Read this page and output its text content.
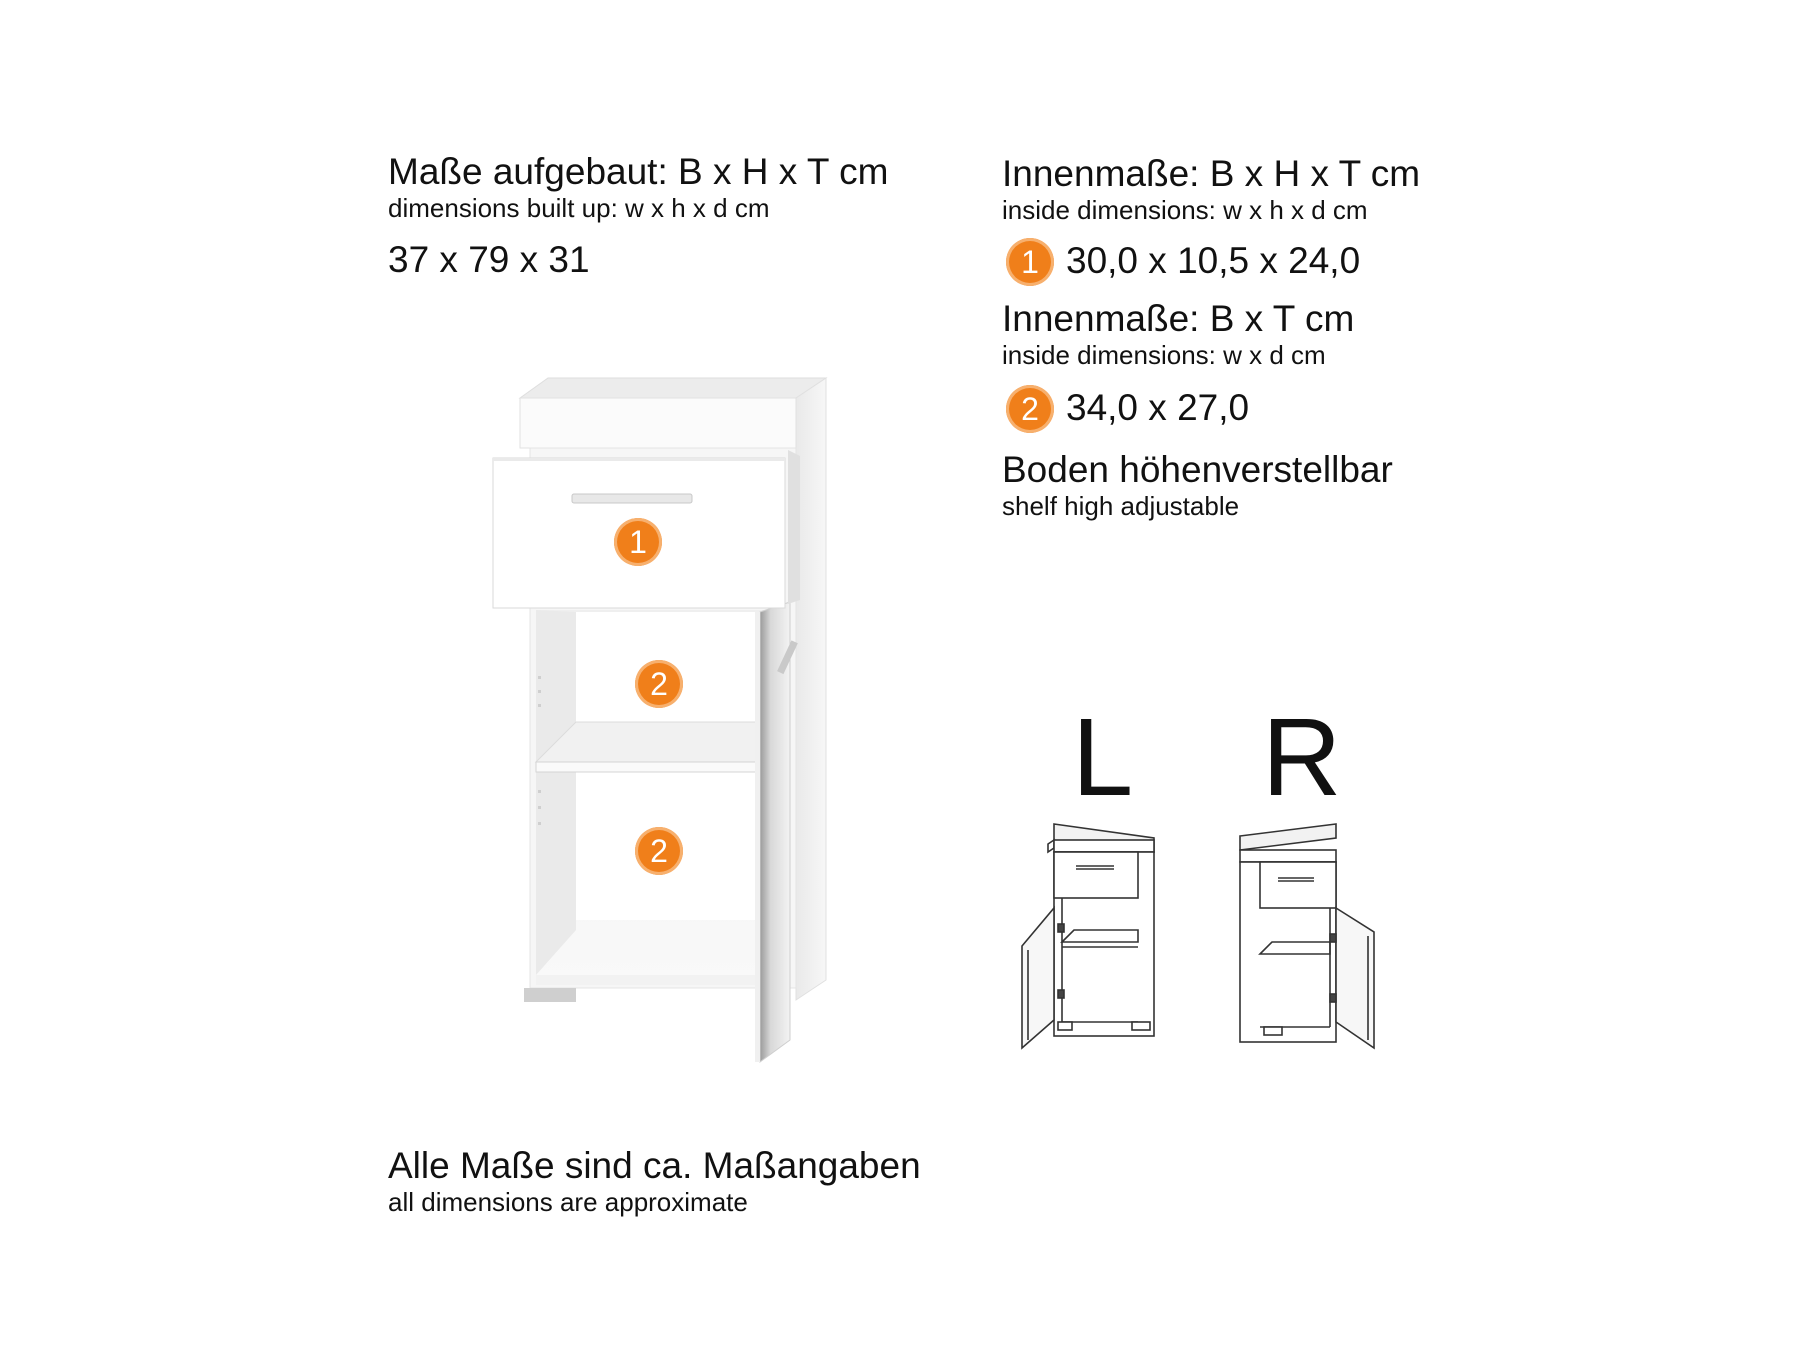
Maße aufgebaut: B x H x T cm
dimensions built up: w x h x d cm
37 x 79 x 31
Innenmaße: B x H x T cm
inside dimensions: w x h x d cm
1 30,0 x 10,5 x 24,0
Innenmaße: B x T cm
inside dimensions: w x d cm
2 34,0 x 27,0
Boden höhenverstellbar
shelf high adjustable
1
2
2
L R
Alle Maße sind ca. Maßangaben
all dimensions are approximate
